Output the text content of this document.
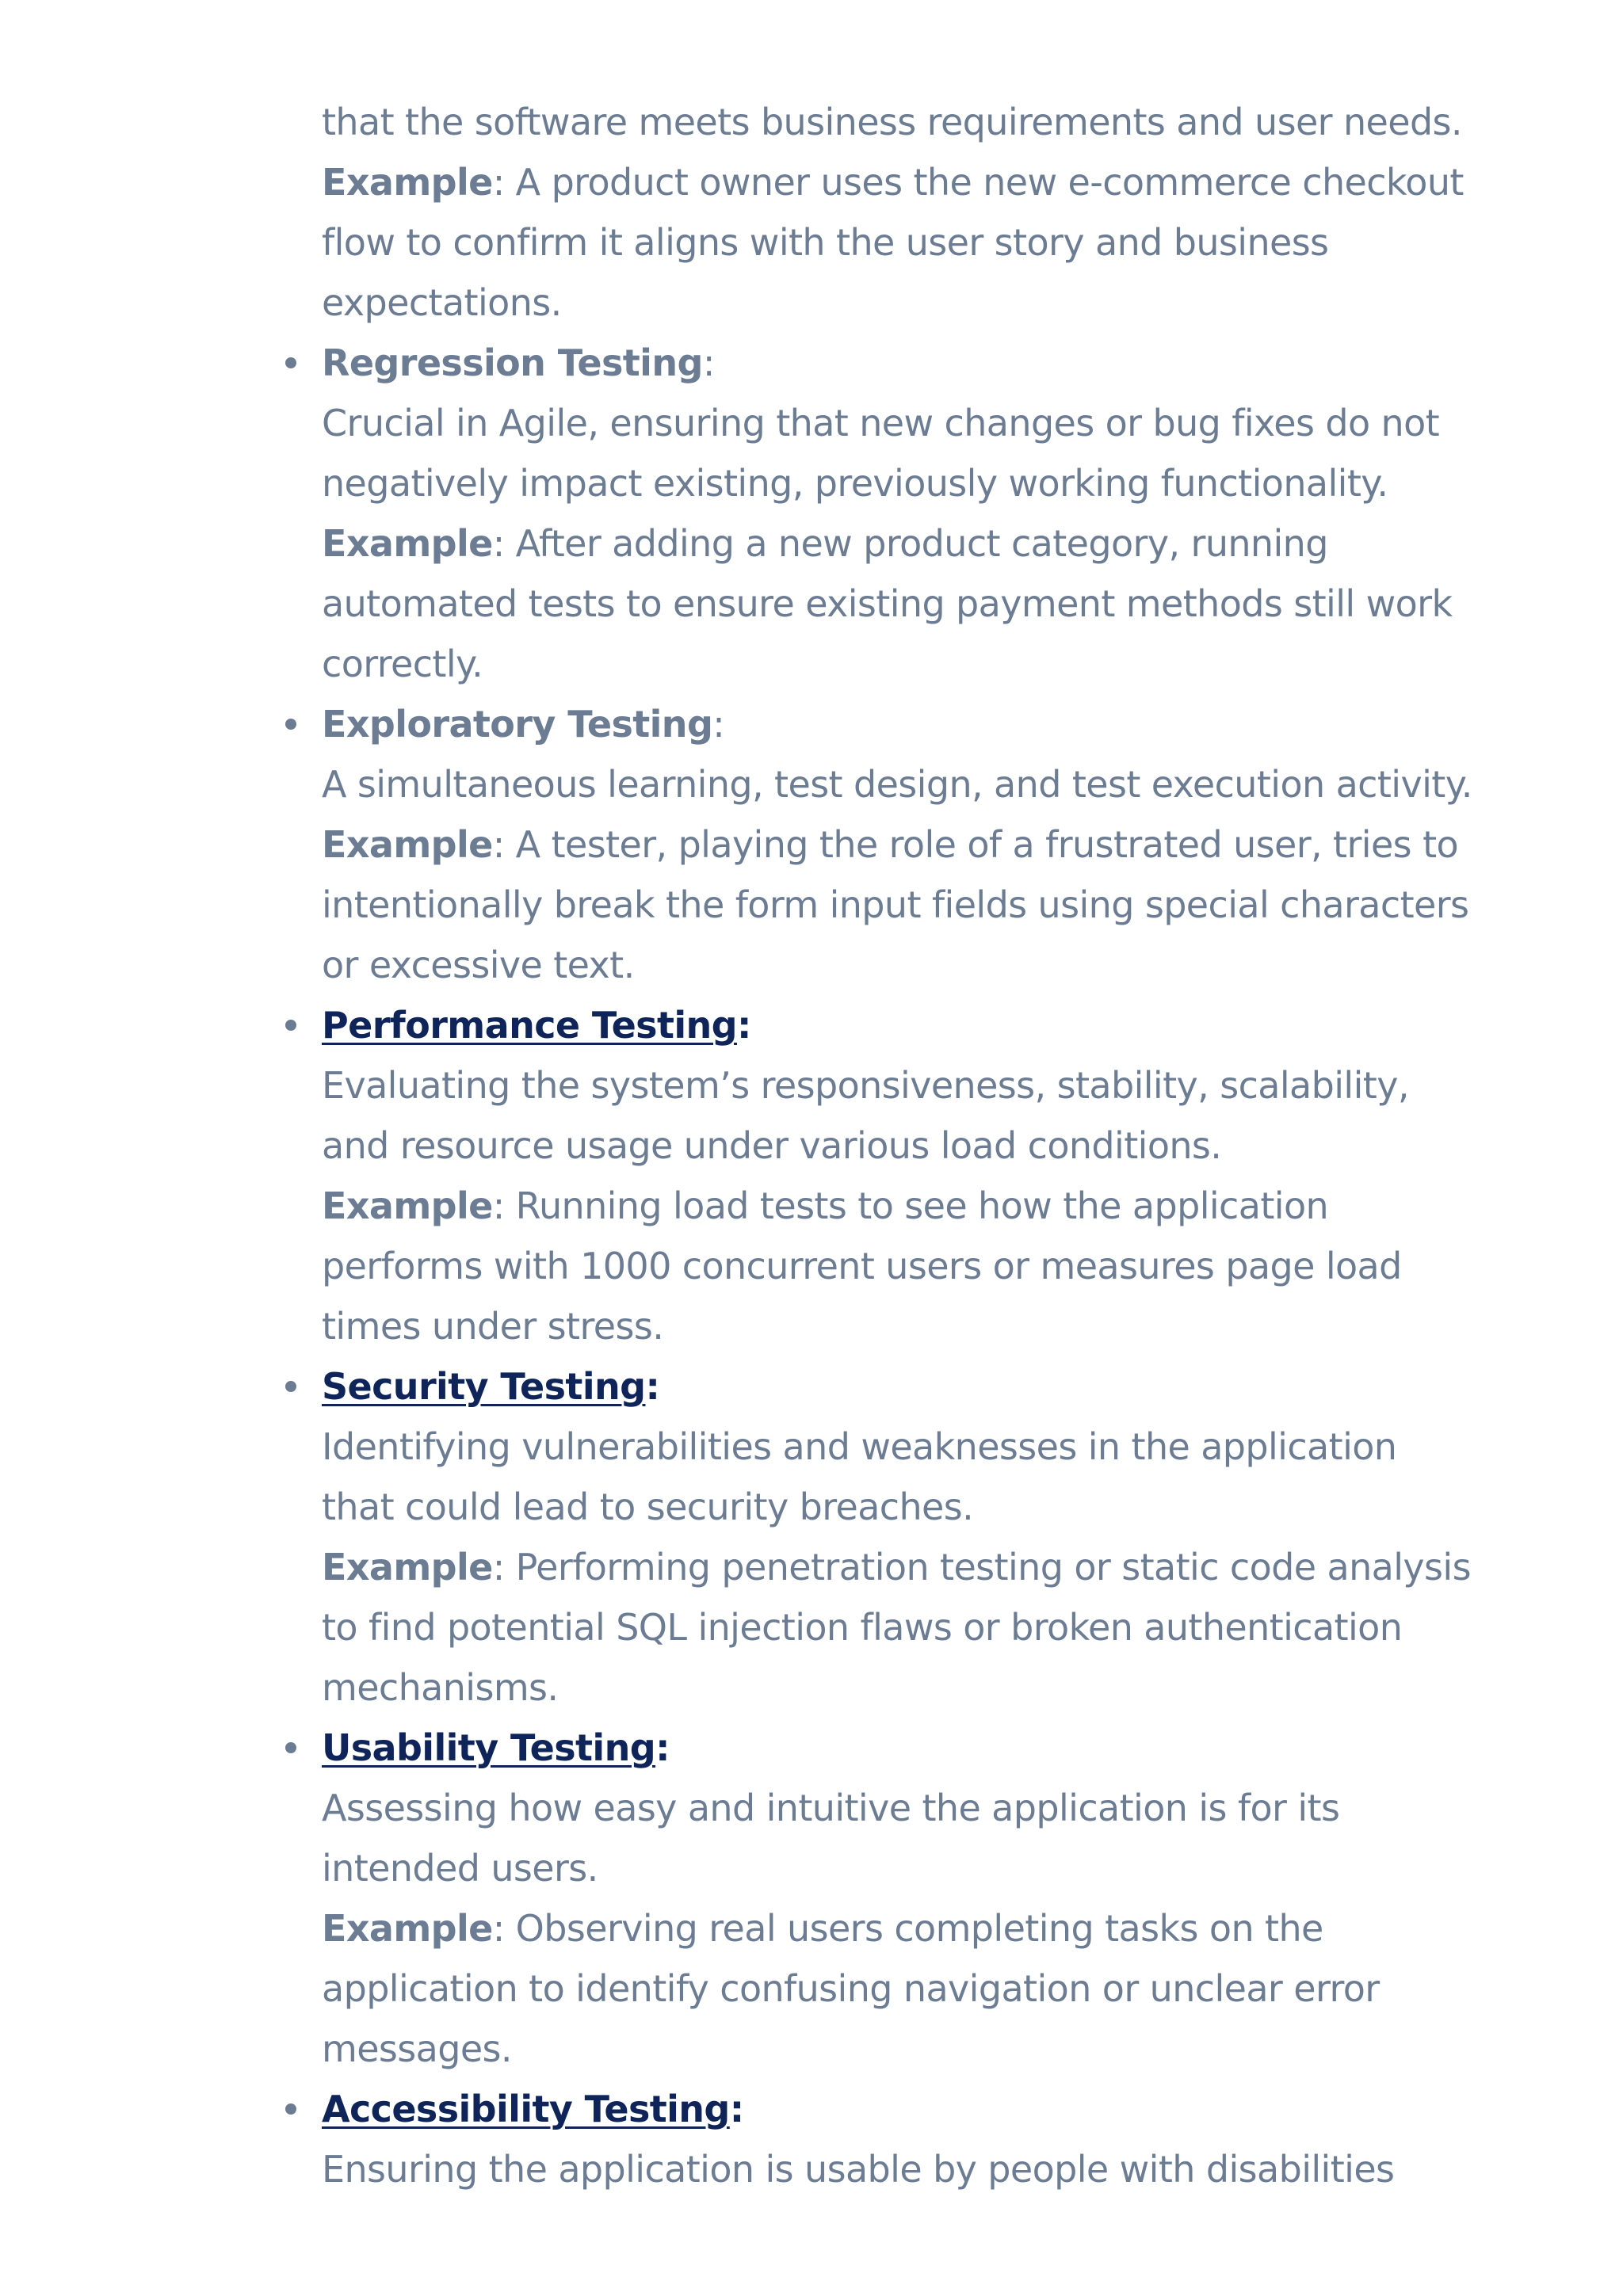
that the software meets business requirements and user needs.

Example: A product owner uses the new e-commerce checkout flow to confirm it aligns with the user story and business expectations.

Regression Testing:

Crucial in Agile, ensuring that new changes or bug fixes do not negatively impact existing, previously working functionality.

Example: After adding a new product category, running automated tests to ensure existing payment methods still work correctly.

Exploratory Testing:

A simultaneous learning, test design, and test execution activity.

Example: A tester, playing the role of a frustrated user, tries to intentionally break the form input fields using special characters or excessive text.

Performance Testing:

Evaluating the system’s responsiveness, stability, scalability, and resource usage under various load conditions.

Example: Running load tests to see how the application performs with 1000 concurrent users or measures page load times under stress.

Security Testing:

Identifying vulnerabilities and weaknesses in the application that could lead to security breaches.

Example: Performing penetration testing or static code analysis to find potential SQL injection flaws or broken authentication mechanisms.

Usability Testing:

Assessing how easy and intuitive the application is for its intended users.

Example: Observing real users completing tasks on the application to identify confusing navigation or unclear error messages.

Accessibility Testing:

Ensuring the application is usable by people with disabilities
